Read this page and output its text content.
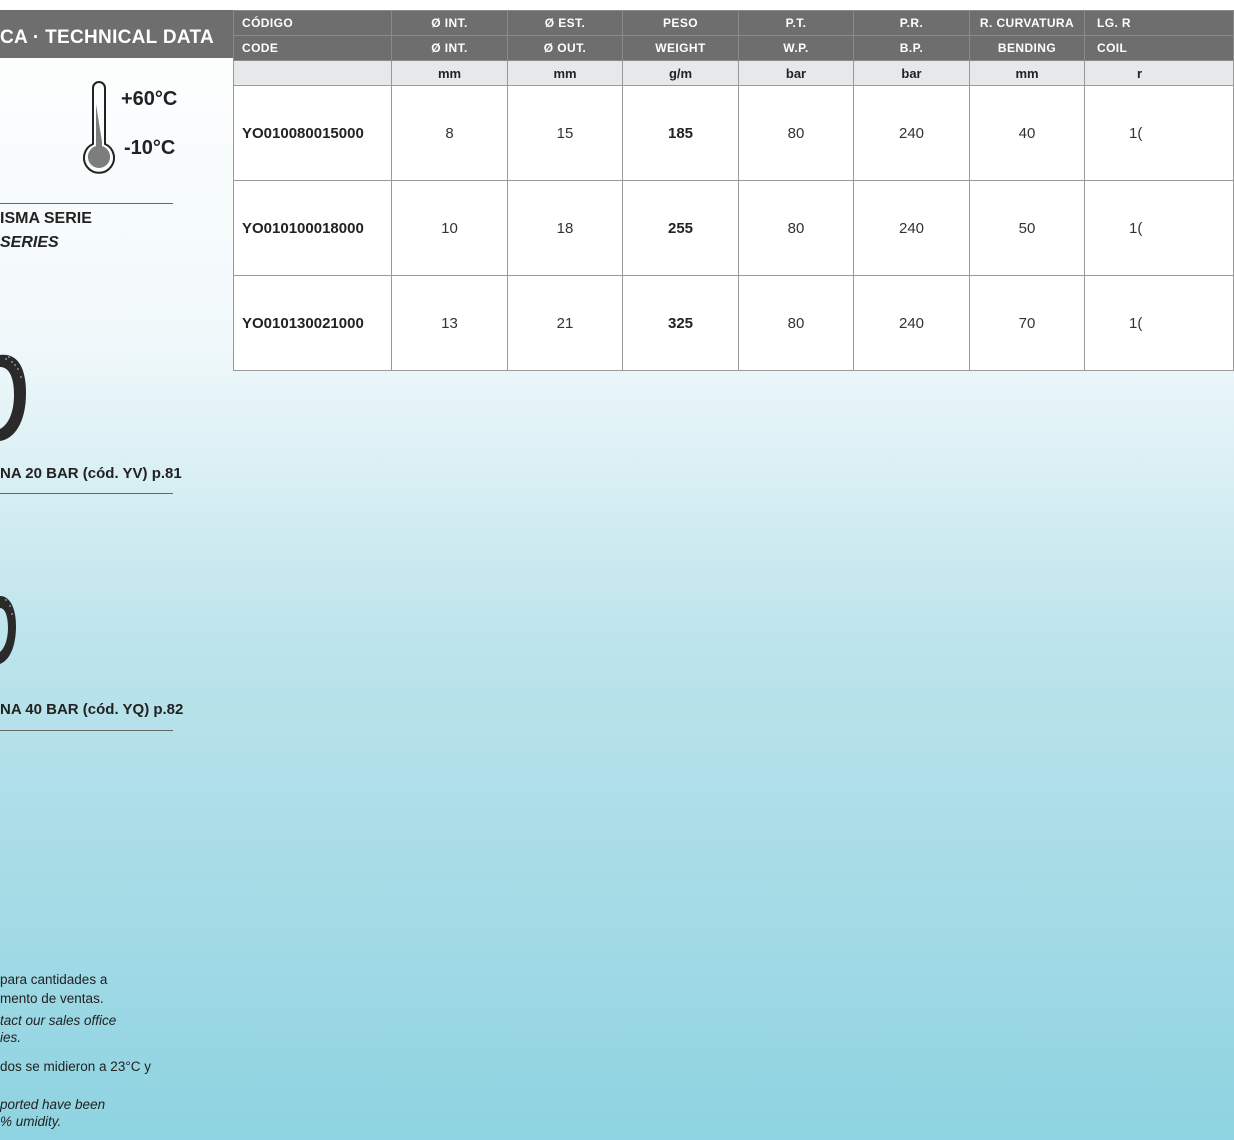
CA · TECHNICAL DATA
+60°C
-10°C
ISMA SERIE
SERIES
NA 20 BAR (cód. YV) p.81
NA 40 BAR (cód. YQ) p.82
para cantidades a
mento de ventas.
tact our sales office
ies.
dos se midieron a 23°C y
ported have been
% umidity.
CÓDIGO	Ø INT.	Ø EST.	PESO	P.T.	P.R.	R. CURVATURA	LG. R
CODE	Ø INT.	Ø OUT.	WEIGHT	W.P.	B.P.	BENDING	COIL
	mm	mm	g/m	bar	bar	mm	r
YO010080015000	8	15	185	80	240	40	1(
YO010100018000	10	18	255	80	240	50	1(
YO010130021000	13	21	325	80	240	70	1(
